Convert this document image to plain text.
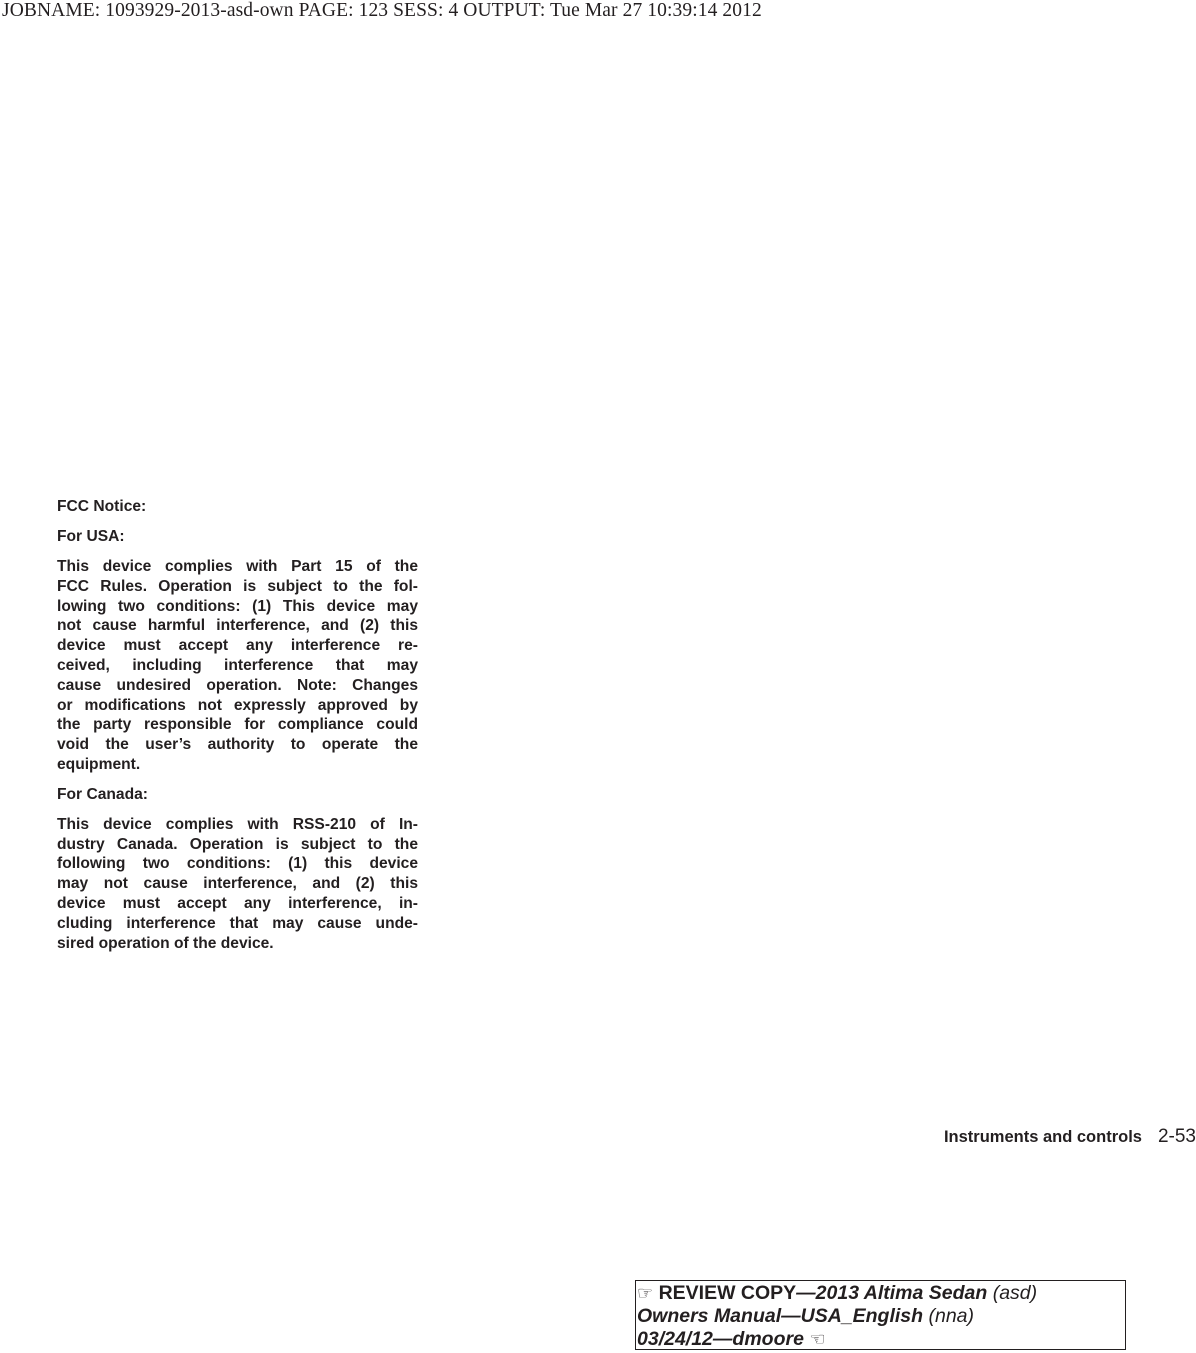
JOBNAME: 1093929-2013-asd-own PAGE: 123 SESS: 4 OUTPUT: Tue Mar 27 10:39:14 2012
FCC Notice:
For USA:
This device complies with Part 15 of the
FCC Rules. Operation is subject to the fol-
lowing two conditions: (1) This device may
not cause harmful interference, and (2) this
device must accept any interference re-
ceived, including interference that may
cause undesired operation. Note: Changes
or modifications not expressly approved by
the party responsible for compliance could
void the user’s authority to operate the
equipment.
For Canada:
This device complies with RSS-210 of In-
dustry Canada. Operation is subject to the
following two conditions: (1) this device
may not cause interference, and (2) this
device must accept any interference, in-
cluding interference that may cause unde-
sired operation of the device.
Instruments and controls 2-53
☞ REVIEW COPY—2013 Altima Sedan (asd)
Owners Manual—USA_English (nna)
03/24/12—dmoore ☜
